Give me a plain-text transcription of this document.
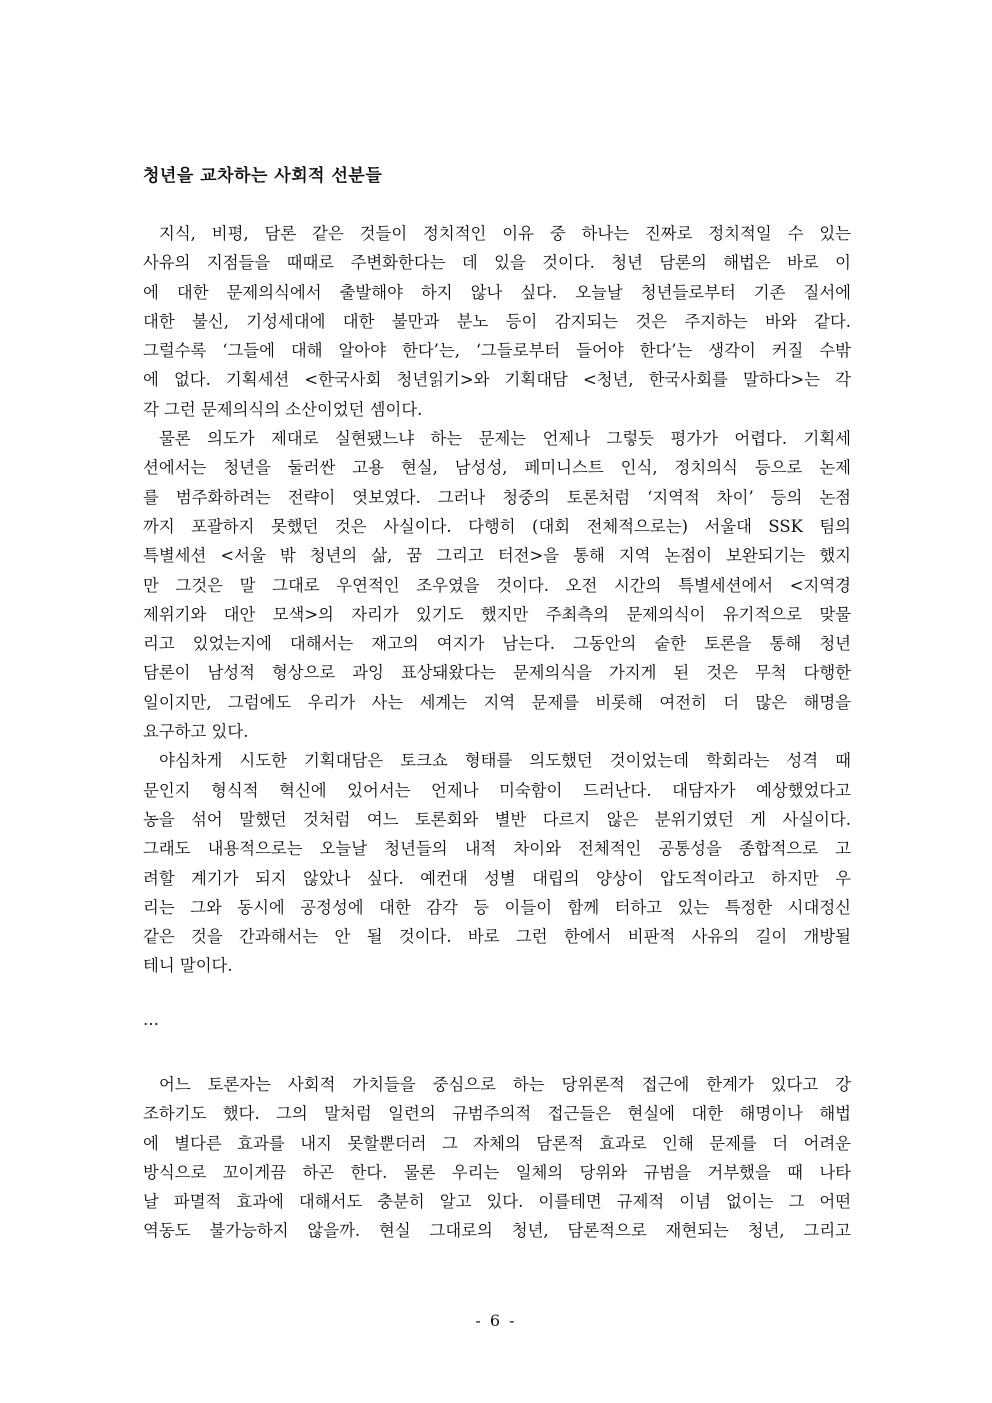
청년을 교차하는 사회적 선분들
지식, 비평, 담론 같은 것들이 정치적인 이유 중 하나는 진짜로 정치적일 수 있는
사유의 지점들을 때때로 주변화한다는 데 있을 것이다. 청년 담론의 해법은 바로 이
에 대한 문제의식에서 출발해야 하지 않나 싶다. 오늘날 청년들로부터 기존 질서에
대한 불신, 기성세대에 대한 불만과 분노 등이 감지되는 것은 주지하는 바와 같다.
그럴수록 ‘그들에 대해 알아야 한다’는, ‘그들로부터 들어야 한다’는 생각이 커질 수밖
에 없다. 기획세션 <한국사회 청년읽기>와 기획대담 <청년, 한국사회를 말하다>는 각
각 그런 문제의식의 소산이었던 셈이다.
물론 의도가 제대로 실현됐느냐 하는 문제는 언제나 그렇듯 평가가 어렵다. 기획세
션에서는 청년을 둘러싼 고용 현실, 남성성, 페미니스트 인식, 정치의식 등으로 논제
를 범주화하려는 전략이 엿보였다. 그러나 청중의 토론처럼 ‘지역적 차이’ 등의 논점
까지 포괄하지 못했던 것은 사실이다. 다행히 (대회 전체적으로는) 서울대 SSK 팀의
특별세션 <서울 밖 청년의 삶, 꿈 그리고 터전>을 통해 지역 논점이 보완되기는 했지
만 그것은 말 그대로 우연적인 조우였을 것이다. 오전 시간의 특별세션에서 <지역경
제위기와 대안 모색>의 자리가 있기도 했지만 주최측의 문제의식이 유기적으로 맞물
리고 있었는지에 대해서는 재고의 여지가 남는다. 그동안의 숱한 토론을 통해 청년
담론이 남성적 형상으로 과잉 표상돼왔다는 문제의식을 가지게 된 것은 무척 다행한
일이지만, 그럼에도 우리가 사는 세계는 지역 문제를 비롯해 여전히 더 많은 해명을
요구하고 있다.
야심차게 시도한 기획대담은 토크쇼 형태를 의도했던 것이었는데 학회라는 성격 때
문인지 형식적 혁신에 있어서는 언제나 미숙함이 드러난다. 대담자가 예상했었다고
농을 섞어 말했던 것처럼 여느 토론회와 별반 다르지 않은 분위기였던 게 사실이다.
그래도 내용적으로는 오늘날 청년들의 내적 차이와 전체적인 공통성을 종합적으로 고
려할 계기가 되지 않았나 싶다. 예컨대 성별 대립의 양상이 압도적이라고 하지만 우
리는 그와 동시에 공정성에 대한 감각 등 이들이 함께 터하고 있는 특정한 시대정신
같은 것을 간과해서는 안 될 것이다. 바로 그런 한에서 비판적 사유의 길이 개방될
테니 말이다.
…
어느 토론자는 사회적 가치들을 중심으로 하는 당위론적 접근에 한계가 있다고 강
조하기도 했다. 그의 말처럼 일련의 규범주의적 접근들은 현실에 대한 해명이나 해법
에 별다른 효과를 내지 못할뿐더러 그 자체의 담론적 효과로 인해 문제를 더 어려운
방식으로 꼬이게끔 하곤 한다. 물론 우리는 일체의 당위와 규범을 거부했을 때 나타
날 파멸적 효과에 대해서도 충분히 알고 있다. 이를테면 규제적 이념 없이는 그 어떤
역동도 불가능하지 않을까. 현실 그대로의 청년, 담론적으로 재현되는 청년, 그리고
- 6 -
